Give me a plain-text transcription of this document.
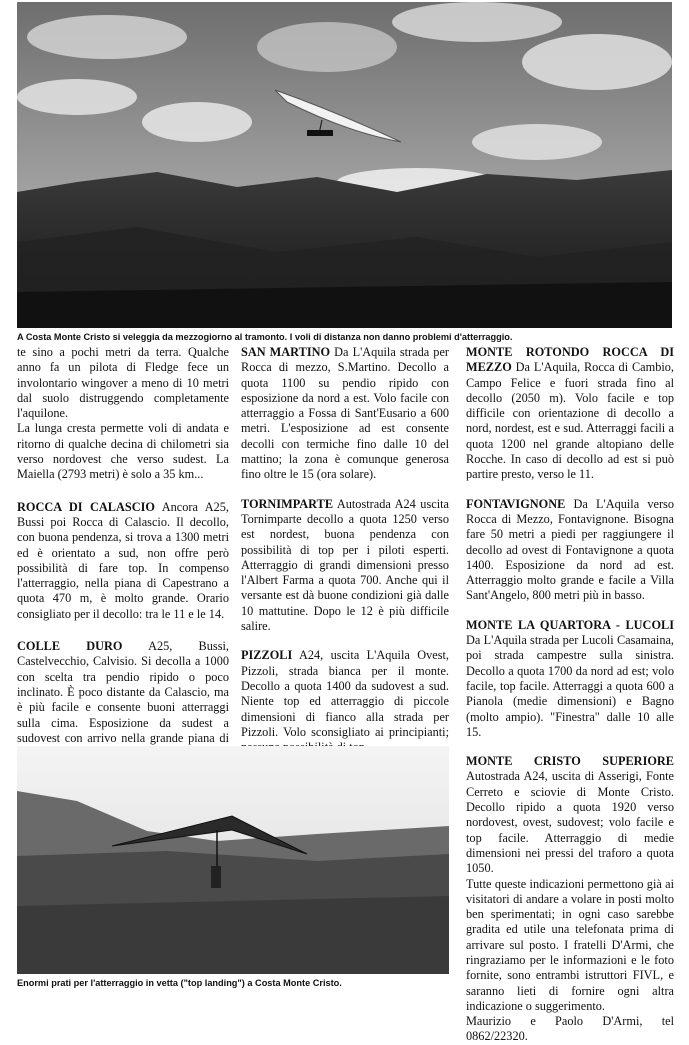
A Costa Monte Cristo si veleggia da mezzogiorno al tramonto. I voli di distanza non danno problemi d'atterraggio.

te sino a pochi metri da terra. Qualche anno fa un pilota di Fledge fece un involontario wingover a meno di 10 metri dal suolo distruggendo completamente l'aquilone.

La lunga cresta permette voli di andata e ritorno di qualche decina di chilometri sia verso nordovest che verso sudest. La Maiella (2793 metri) è solo a 35 km...

ROCCA DI CALASCIO Ancora A25, Bussi poi Rocca di Calascio. Il decollo, con buona pendenza, si trova a 1300 metri ed è orientato a sud, non offre però possibilità di fare top. In compenso l'atterraggio, nella piana di Capestrano a quota 470 m, è molto grande. Orario consigliato per il decollo: tra le 11 e le 14.

COLLE DURO A25, Bussi, Castelvecchio, Calvisio. Si decolla a 1000 con scelta tra pendio ripido o poco inclinato. È poco distante da Calascio, ma è più facile e consente buoni atterraggi sulla cima. Esposizione da sudest a sudovest con arrivo nella grande piana di

SAN MARTINO Da L'Aquila strada per Rocca di mezzo, S.Martino. Decollo a quota 1100 su pendio ripido con esposizione da nord a est. Volo facile con atterraggio a Fossa di Sant'Eusario a 600 metri. L'esposizione ad est consente decolli con termiche fino dalle 10 del mattino; la zona è comunque generosa fino oltre le 15 (ora solare).

TORNIMPARTE Autostrada A24 uscita Tornimparte decollo a quota 1250 verso est nordest, buona pendenza con possibilità di top per i piloti esperti. Atterraggio di grandi dimensioni presso l'Albert Farma a quota 700. Anche qui il versante est dà buone condizioni già dalle 10 mattutine. Dopo le 12 è più difficile salire.

PIZZOLI A24, uscita L'Aquila Ovest, Pizzoli, strada bianca per il monte. Decollo a quota 1400 da sudovest a sud. Niente top ed atterraggio di piccole dimensioni di fianco alla strada per Pizzoli. Volo sconsigliato ai principianti;

Enormi prati per l'atterraggio in vetta ("top landing") a Costa Monte Cristo.

MONTE ROTONDO ROCCA DI MEZZO Da L'Aquila, Rocca di Cambio, Campo Felice e fuori strada fino al decollo (2050 m). Volo facile e top difficile con orientazione di decollo a nord, nordest, est e sud. Atterraggi facili a quota 1200 nel grande altopiano delle Rocche. In caso di decollo ad est si può partire presto, verso le 11.

FONTAVIGNONE Da L'Aquila verso Rocca di Mezzo, Fontavignone. Bisogna fare 50 metri a piedi per raggiungere il decollo ad ovest di Fontavignone a quota 1400. Esposizione da nord ad est. Atterraggio molto grande e facile a Villa Sant'Angelo, 800 metri più in basso.

MONTE LA QUARTORA - LUCOLI Da L'Aquila strada per Lucoli Casamaina, poi strada campestre sulla sinistra. Decollo a quota 1700 da nord ad est; volo facile, top facile. Atterraggi a quota 600 a Pianola (medie dimensioni) e Bagno (molto ampio). "Finestra" dalle 10 alle 15.

MONTE CRISTO SUPERIORE Autostrada A24, uscita di Asserigi, Fonte Cerreto e sciovie di Monte Cristo. Decollo ripido a quota 1920 verso nordovest, ovest, sudovest; volo facile e top facile. Atterraggio di medie dimensioni nei pressi del traforo a quota 1050.

Tutte queste indicazioni permettono già ai visitatori di andare a volare in posti molto ben sperimentati; in ogni caso sarebbe gradita ed utile una telefonata prima di arrivare sul posto. I fratelli D'Armi, che ringraziamo per le informazioni e le foto fornite, sono entrambi istruttori FIVL, e saranno lieti di fornire ogni altra indicazione o suggerimento.

Maurizio e Paolo D'Armi, tel 0862/22320.
